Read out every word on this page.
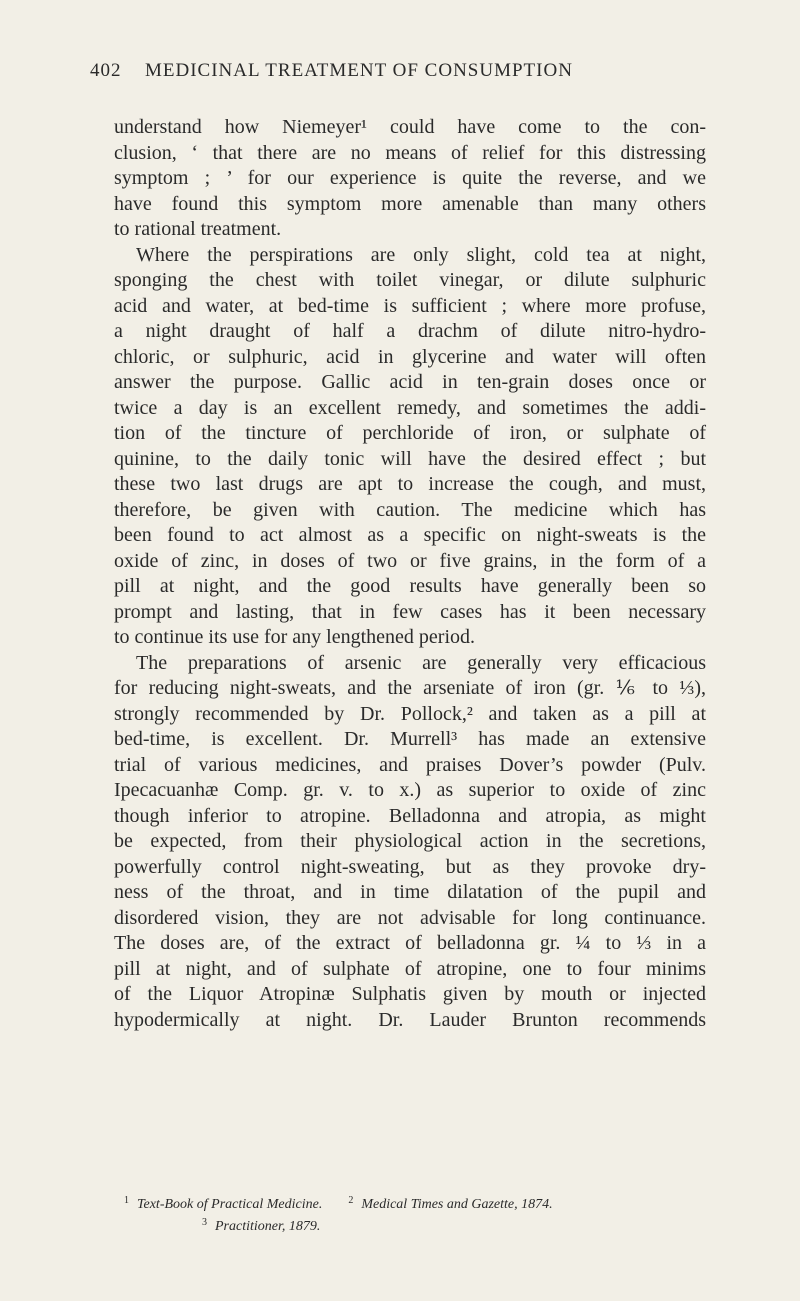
402 MEDICINAL TREATMENT OF CONSUMPTION
understand how Niemeyer¹ could have come to the con-
clusion, ‘ that there are no means of relief for this distressing
symptom ; ’ for our experience is quite the reverse, and we
have found this symptom more amenable than many others
to rational treatment.
Where the perspirations are only slight, cold tea at night,
sponging the chest with toilet vinegar, or dilute sulphuric
acid and water, at bed-time is sufficient ; where more profuse,
a night draught of half a drachm of dilute nitro-hydro-
chloric, or sulphuric, acid in glycerine and water will often
answer the purpose. Gallic acid in ten-grain doses once or
twice a day is an excellent remedy, and sometimes the addi-
tion of the tincture of perchloride of iron, or sulphate of
quinine, to the daily tonic will have the desired effect ; but
these two last drugs are apt to increase the cough, and must,
therefore, be given with caution. The medicine which has
been found to act almost as a specific on night-sweats is the
oxide of zinc, in doses of two or five grains, in the form of a
pill at night, and the good results have generally been so
prompt and lasting, that in few cases has it been necessary
to continue its use for any lengthened period.
The preparations of arsenic are generally very efficacious
for reducing night-sweats, and the arseniate of iron (gr. ⅙ to ⅓),
strongly recommended by Dr. Pollock,² and taken as a pill at
bed-time, is excellent. Dr. Murrell³ has made an extensive
trial of various medicines, and praises Dover’s powder (Pulv.
Ipecacuanhæ Comp. gr. v. to x.) as superior to oxide of zinc
though inferior to atropine. Belladonna and atropia, as might
be expected, from their physiological action in the secretions,
powerfully control night-sweating, but as they provoke dry-
ness of the throat, and in time dilatation of the pupil and
disordered vision, they are not advisable for long continuance.
The doses are, of the extract of belladonna gr. ¼ to ⅓ in a
pill at night, and of sulphate of atropine, one to four minims
of the Liquor Atropinæ Sulphatis given by mouth or injected
hypodermically at night. Dr. Lauder Brunton recommends
$^1$ Text-Book of Practical Medicine.	$^2$ Medical Times and Gazette, 1874.
$^3$ Practitioner, 1879.
